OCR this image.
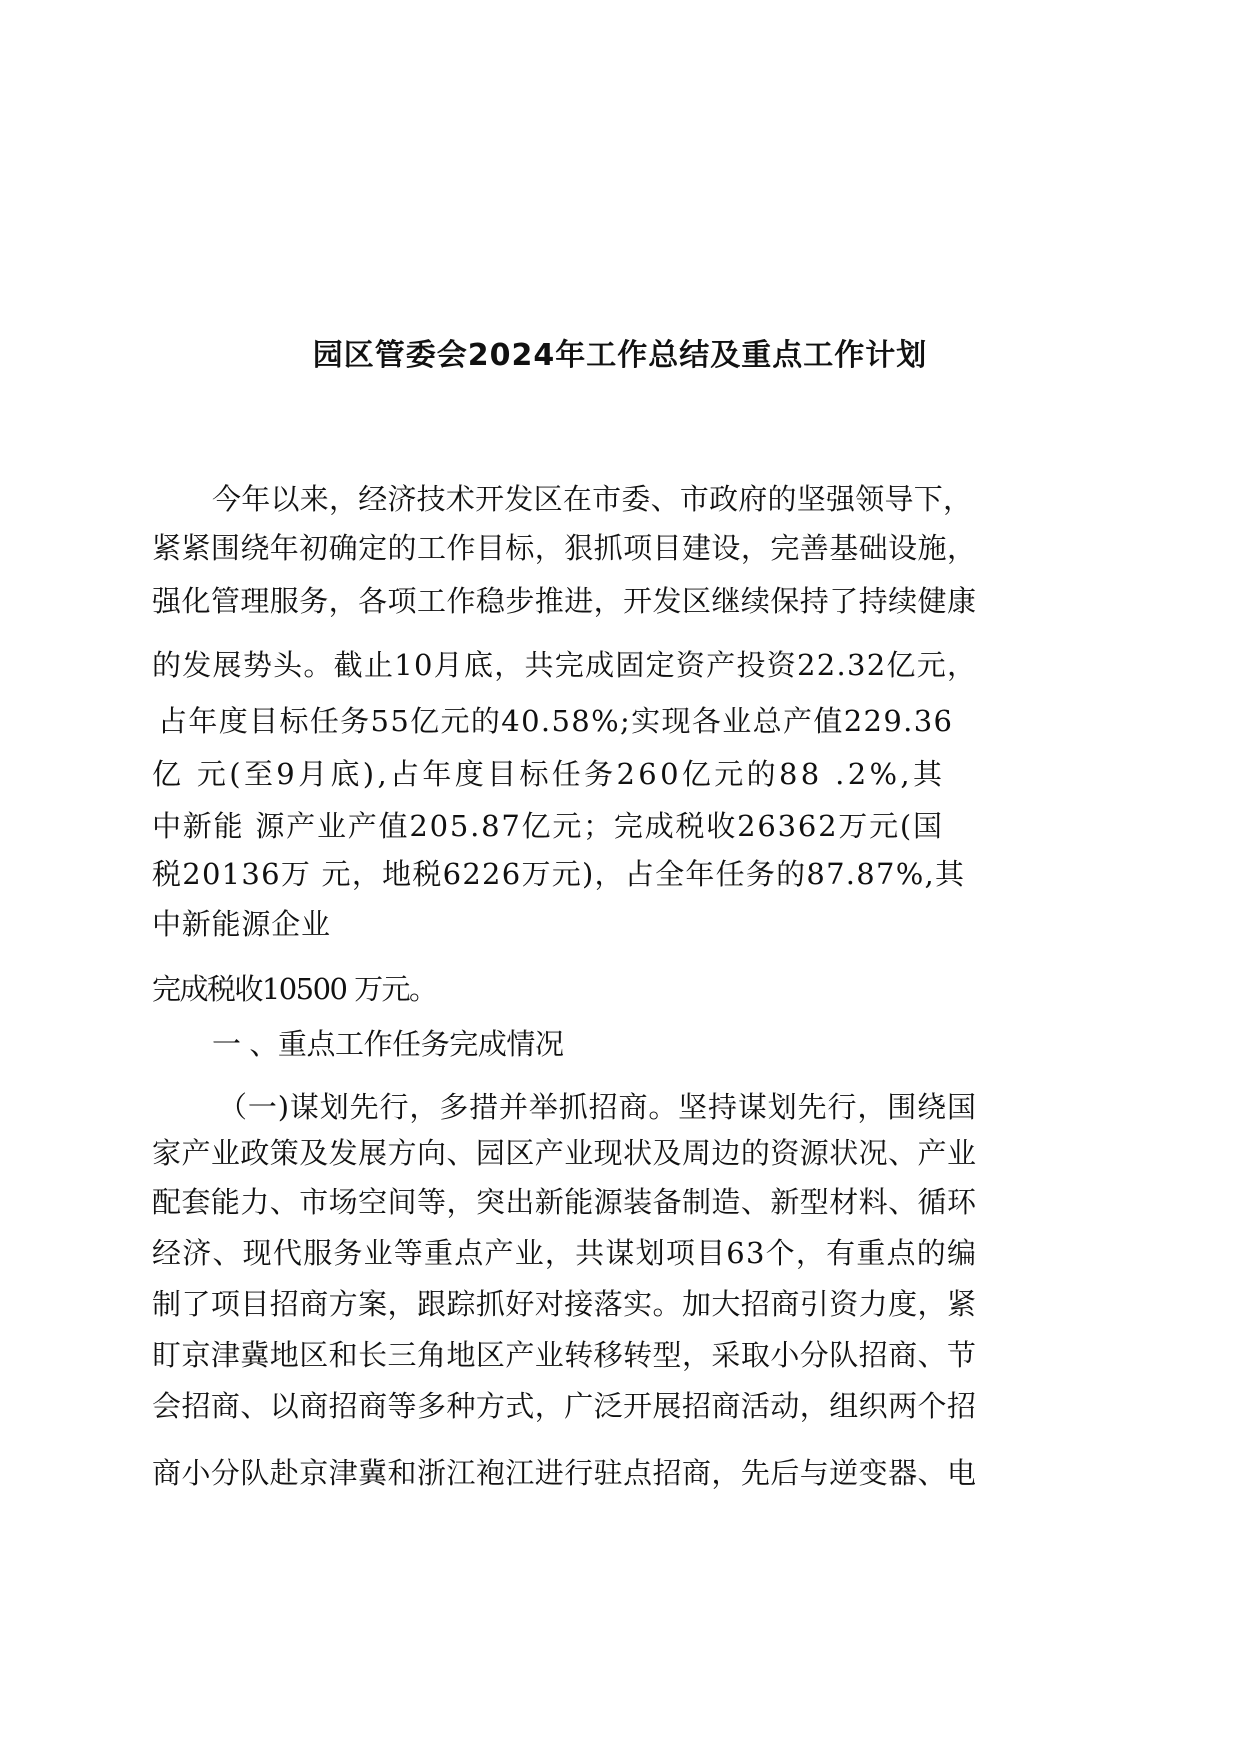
园区管委会2024年工作总结及重点工作计划
今年以来，经济技术开发区在市委、市政府的坚强领导下，
紧紧围绕年初确定的工作目标，狠抓项目建设，完善基础设施，
强化管理服务，各项工作稳步推进，开发区继续保持了持续健康
的发展势头。截止10月底，共完成固定资产投资22.32亿元，
占年度目标任务55亿元的40.58%;实现各业总产值229.36
亿 元(至9月底),占年度目标任务260亿元的88 .2%,其
中新能 源产业产值205.87亿元；完成税收26362万元(国
税20136万 元，地税6226万元)，占全年任务的87.87%,其
中新能源企业
完成税收10500 万元。
一 、重点工作任务完成情况
（一)谋划先行，多措并举抓招商。坚持谋划先行，围绕国
家产业政策及发展方向、园区产业现状及周边的资源状况、产业
配套能力、市场空间等，突出新能源装备制造、新型材料、循环
经济、现代服务业等重点产业，共谋划项目63个，有重点的编
制了项目招商方案，跟踪抓好对接落实。加大招商引资力度，紧
盯京津冀地区和长三角地区产业转移转型，采取小分队招商、节
会招商、以商招商等多种方式，广泛开展招商活动，组织两个招
商小分队赴京津冀和浙江袍江进行驻点招商，先后与逆变器、电
